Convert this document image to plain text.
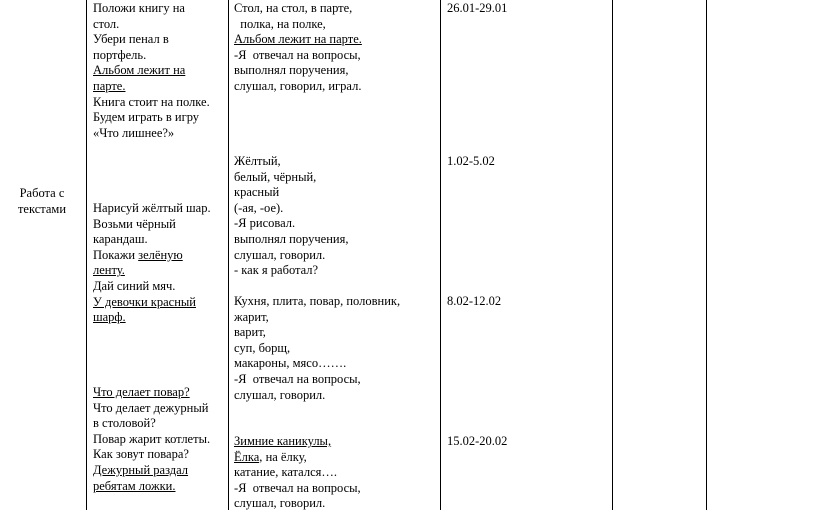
Работа с текстами
Положи книгу на
стол.
Убери пенал в
портфель.
Альбом лежит на
парте.
Книга стоит на полке.
Будем играть в игру
«Что лишнее?»
Нарисуй жёлтый шар.
Возьми чёрный
карандаш.
Покажи зелёную
ленту.
Дай синий мяч.
У девочки красный
шарф.
Что делает повар?
Что делает дежурный
в столовой?
Повар жарит котлеты.
Как зовут повара?
Дежурный раздал
ребятам ложки.
Стол, на стол, в парте,
полка, на полке,
Альбом лежит на парте.
-Я  отвечал на вопросы,
выполнял поручения,
слушал, говорил, играл.
Жёлтый,
белый, чёрный,
красный
(-ая, -ое).
-Я рисовал.
выполнял поручения,
слушал, говорил.
- как я работал?
Кухня, плита, повар, половник,
жарит,
варит,
суп, борщ,
макароны, мясо…….
-Я  отвечал на вопросы,
слушал, говорил.
Зимние каникулы,
Ёлка, на ёлку,
катание, катался….
-Я  отвечал на вопросы,
слушал, говорил.
26.01-29.01
1.02-5.02
8.02-12.02
15.02-20.02
